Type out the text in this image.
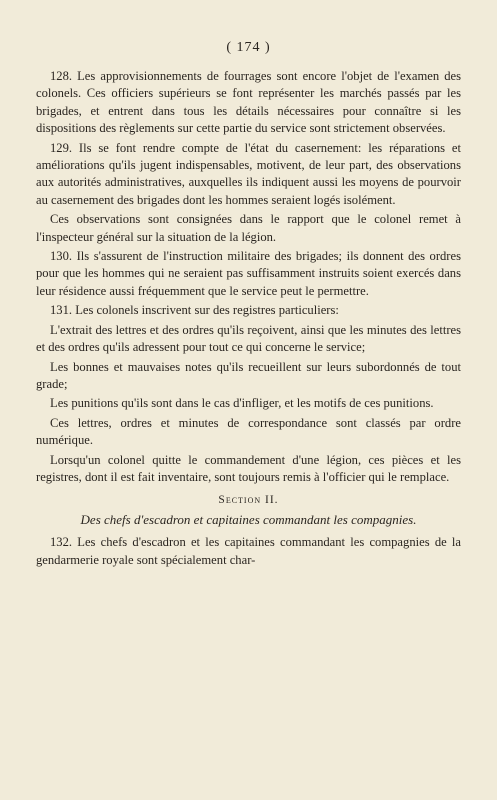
( 174 )

128. Les approvisionnements de fourrages sont encore l'objet de l'examen des colonels. Ces officiers supérieurs se font représenter les marchés passés par les brigades, et entrent dans tous les détails nécessaires pour connaître si les dispositions des règlements sur cette partie du service sont strictement observées.

129. Ils se font rendre compte de l'état du casernement: les réparations et améliorations qu'ils jugent indispensables, motivent, de leur part, des observations aux autorités administratives, auxquelles ils indiquent aussi les moyens de pourvoir au casernement des brigades dont les hommes seraient logés isolément.

Ces observations sont consignées dans le rapport que le colonel remet à l'inspecteur général sur la situation de la légion.

130. Ils s'assurent de l'instruction militaire des brigades; ils donnent des ordres pour que les hommes qui ne seraient pas suffisamment instruits soient exercés dans leur résidence aussi fréquemment que le service peut le permettre.

131. Les colonels inscrivent sur des registres particuliers:

L'extrait des lettres et des ordres qu'ils reçoivent, ainsi que les minutes des lettres et des ordres qu'ils adressent pour tout ce qui concerne le service;

Les bonnes et mauvaises notes qu'ils recueillent sur leurs subordonnés de tout grade;

Les punitions qu'ils sont dans le cas d'infliger, et les motifs de ces punitions.

Ces lettres, ordres et minutes de correspondance sont classés par ordre numérique.

Lorsqu'un colonel quitte le commandement d'une légion, ces pièces et les registres, dont il est fait inventaire, sont toujours remis à l'officier qui le remplace.

Section II.
Des chefs d'escadron et capitaines commandant les compagnies.

132. Les chefs d'escadron et les capitaines commandant les compagnies de la gendarmerie royale sont spécialement char-
